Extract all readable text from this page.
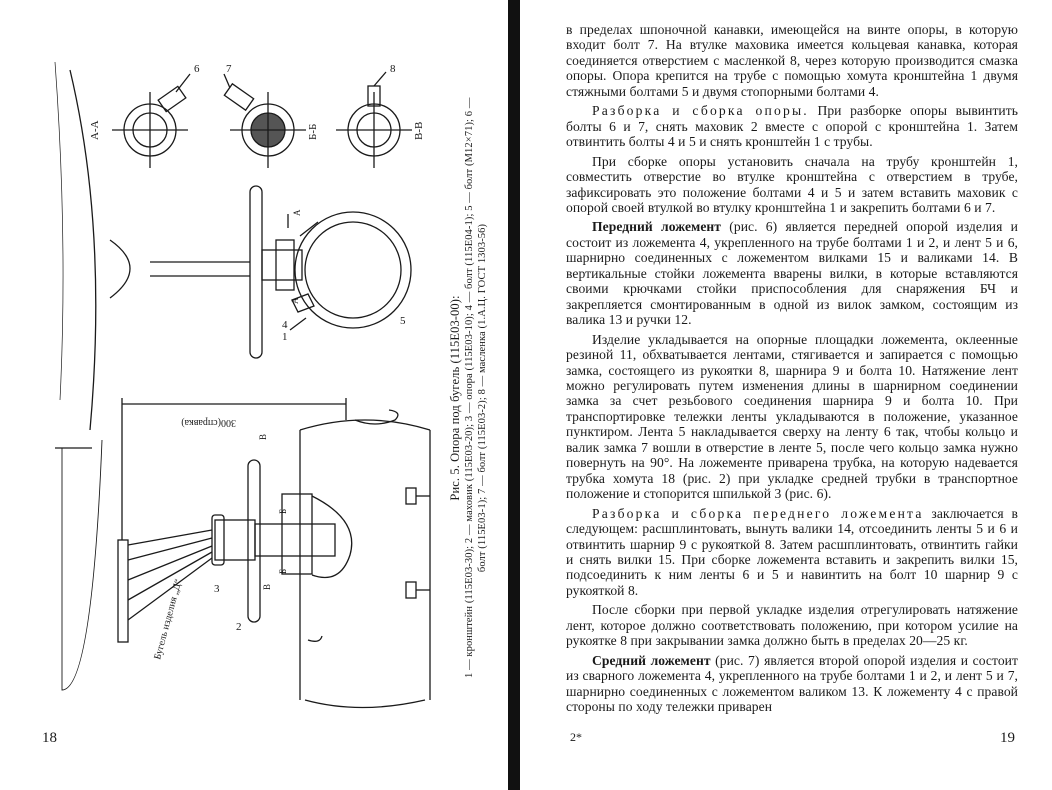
А-А	Б-Б	В-В
6 7	8
1
2
3
4	5
А
Б
В
А
Б
В
300(справка)
Бугель изделия „Д“
Рис. 5. Опора под бугель (115Е03-00): 1 — кронштейн (115Е03-30); 2 — маховик (115Е03-20); 3 — опора (115Е03-10); 4 — болт (115Е04-1); 5 — болт (М12×71); 6 — болт (115Е03-1); 7 — болт (115Е03-2); 8 — масленка (1.А.Ц. ГОСТ 1303-56)
18

в пределах шпоночной канавки, имеющейся на винте опоры, в которую входит болт 7. На втулке маховика имеется кольцевая канавка, которая соединяется отверстием с масленкой 8, через которую производится смазка опоры. Опора крепится на трубе с помощью хомута кронштейна 1 двумя стяжными болтами 5 и двумя стопорными болтами 4.

Разборка и сборка опоры. При разборке опоры вывинтить болты 6 и 7, снять маховик 2 вместе с опорой с кронштейна 1. Затем отвинтить болты 4 и 5 и снять кронштейн 1 с трубы.

При сборке опоры установить сначала на трубу кронштейн 1, совместить отверстие во втулке кронштейна с отверстием в трубе, зафиксировать это положение болтами 4 и 5 и затем вставить маховик с опорой своей втулкой во втулку кронштейна 1 и закрепить болтами 6 и 7.

Передний ложемент (рис. 6) является передней опорой изделия и состоит из ложемента 4, укрепленного на трубе болтами 1 и 2, и лент 5 и 6, шарнирно соединенных с ложементом вилками 15 и валиками 14. В вертикальные стойки ложемента вварены вилки, в которые вставляются своими крючками стойки приспособления для снаряжения БЧ и закрепляется смонтированным в одной из вилок замком, состоящим из валика 13 и ручки 12.

Изделие укладывается на опорные площадки ложемента, оклеенные резиной 11, обхватывается лентами, стягивается и запирается с помощью замка, состоящего из рукоятки 8, шарнира 9 и болта 10. Натяжение лент можно регулировать путем изменения длины в шарнирном соединении замка за счет резьбового соединения шарнира 9 и болта 10. При транспортировке тележки ленты укладываются в положение, указанное пунктиром. Лента 5 накладывается сверху на ленту 6 так, чтобы кольцо и валик замка 7 вошли в отверстие в ленте 5, после чего кольцо замка нужно повернуть на 90°. На ложементе приварена трубка, на которую надевается трубка хомута 18 (рис. 2) при укладке средней трубки в транспортное положение и стопорится шпилькой 3 (рис. 6).

Разборка и сборка переднего ложемента заключается в следующем: расшплинтовать, вынуть валики 14, отсоединить ленты 5 и 6 и отвинтить шарнир 9 с рукояткой 8. Затем расшплинтовать, отвинтить гайки и снять вилки 15. При сборке ложемента вставить и закрепить вилки 15, подсоединить к ним ленты 6 и 5 и навинтить на болт 10 шарнир 9 с рукояткой 8.

После сборки при первой укладке изделия отрегулировать натяжение лент, которое должно соответствовать положению, при котором усилие на рукоятке 8 при закрывании замка должно быть в пределах 20—25 кг.

Средний ложемент (рис. 7) является второй опорой изделия и состоит из сварного ложемента 4, укрепленного на трубе болтами 1 и 2, и лент 5 и 7, шарнирно соединенных с ложементом валиком 13. К ложементу 4 с правой стороны по ходу тележки приварен

2*	19
